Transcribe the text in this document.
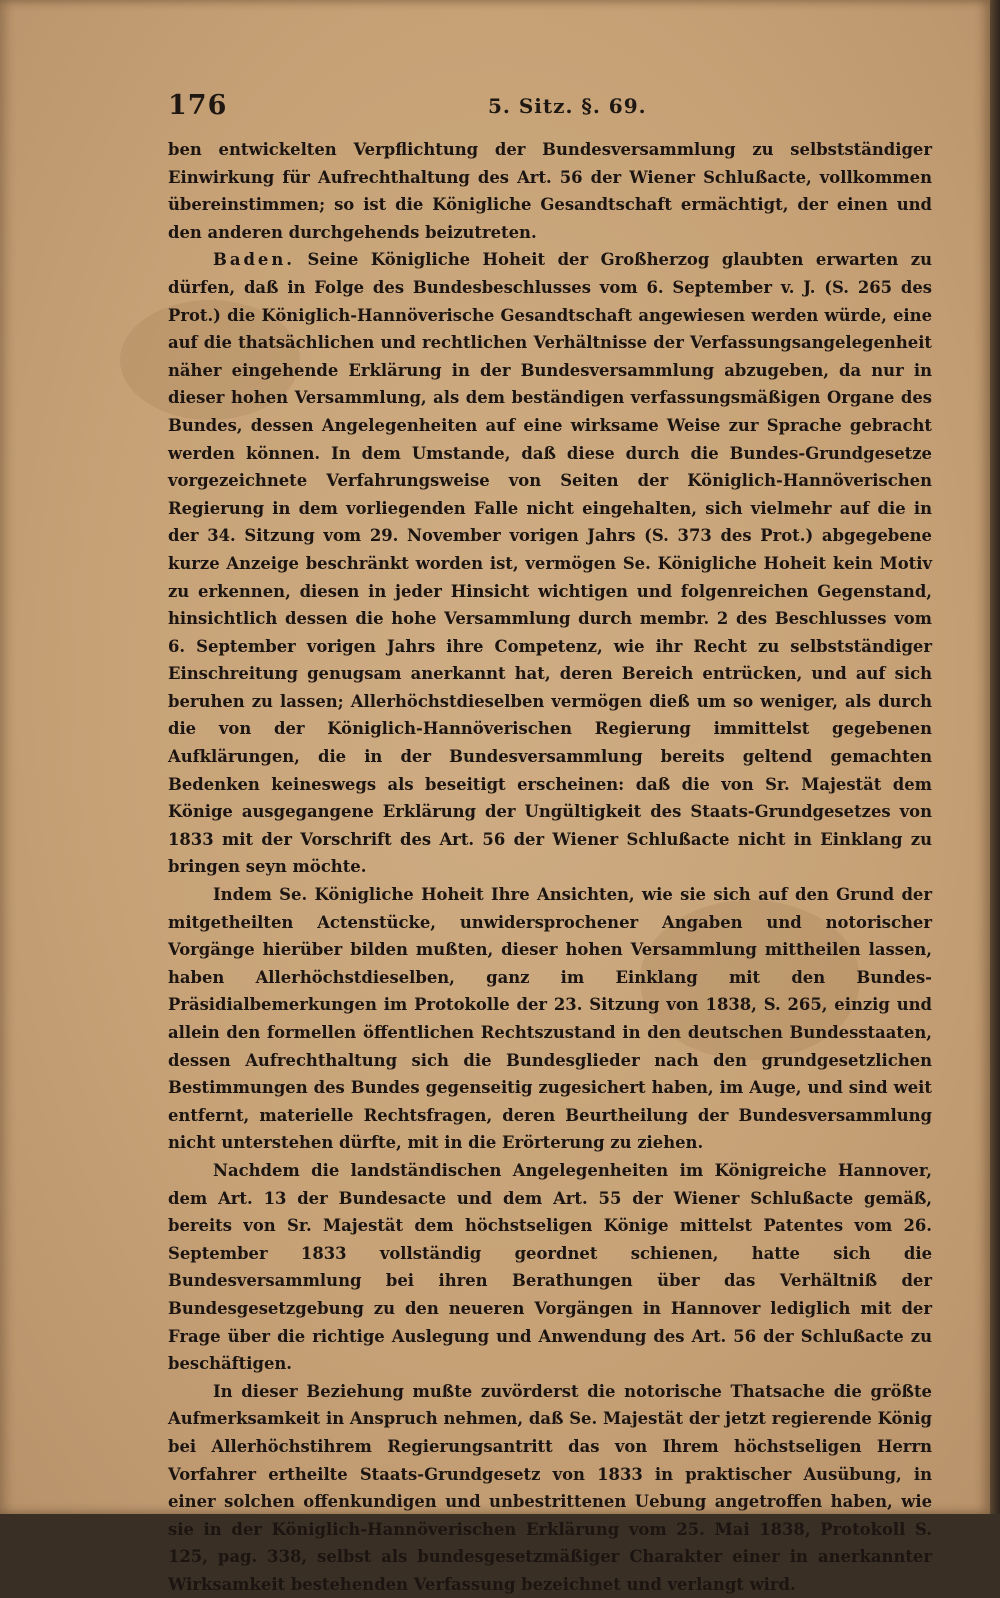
176	5. Sitz. §. 69.

ben entwickelten Verpflichtung der Bundesversammlung zu selbstständiger Einwirkung für Aufrechthaltung des Art. 56 der Wiener Schlußacte, vollkommen übereinstimmen; so ist die Königliche Gesandtschaft ermächtigt, der einen und den anderen durchgehends beizutreten.

Baden. Seine Königliche Hoheit der Großherzog glaubten erwarten zu dürfen, daß in Folge des Bundesbeschlusses vom 6. September v. J. (S. 265 des Prot.) die Königlich-Hannöverische Gesandtschaft angewiesen werden würde, eine auf die thatsächlichen und rechtlichen Verhältnisse der Verfassungsangelegenheit näher eingehende Erklärung in der Bundesversammlung abzugeben, da nur in dieser hohen Versammlung, als dem beständigen verfassungsmäßigen Organe des Bundes, dessen Angelegenheiten auf eine wirksame Weise zur Sprache gebracht werden können. In dem Umstande, daß diese durch die Bundes-Grundgesetze vorgezeichnete Verfahrungsweise von Seiten der Königlich-Hannöverischen Regierung in dem vorliegenden Falle nicht eingehalten, sich vielmehr auf die in der 34. Sitzung vom 29. November vorigen Jahrs (S. 373 des Prot.) abgegebene kurze Anzeige beschränkt worden ist, vermögen Se. Königliche Hoheit kein Motiv zu erkennen, diesen in jeder Hinsicht wichtigen und folgenreichen Gegenstand, hinsichtlich dessen die hohe Versammlung durch membr. 2 des Beschlusses vom 6. September vorigen Jahrs ihre Competenz, wie ihr Recht zu selbstständiger Einschreitung genugsam anerkannt hat, deren Bereich entrücken, und auf sich beruhen zu lassen; Allerhöchstdieselben vermögen dieß um so weniger, als durch die von der Königlich-Hannöverischen Regierung immittelst gegebenen Aufklärungen, die in der Bundesversammlung bereits geltend gemachten Bedenken keineswegs als beseitigt erscheinen: daß die von Sr. Majestät dem Könige ausgegangene Erklärung der Ungültigkeit des Staats-Grundgesetzes von 1833 mit der Vorschrift des Art. 56 der Wiener Schlußacte nicht in Einklang zu bringen seyn möchte.

Indem Se. Königliche Hoheit Ihre Ansichten, wie sie sich auf den Grund der mitgetheilten Actenstücke, unwidersprochener Angaben und notorischer Vorgänge hierüber bilden mußten, dieser hohen Versammlung mittheilen lassen, haben Allerhöchstdieselben, ganz im Einklang mit den Bundes-Präsidialbemerkungen im Protokolle der 23. Sitzung von 1838, S. 265, einzig und allein den formellen öffentlichen Rechtszustand in den deutschen Bundesstaaten, dessen Aufrechthaltung sich die Bundesglieder nach den grundgesetzlichen Bestimmungen des Bundes gegenseitig zugesichert haben, im Auge, und sind weit entfernt, materielle Rechtsfragen, deren Beurtheilung der Bundesversammlung nicht unterstehen dürfte, mit in die Erörterung zu ziehen.

Nachdem die landständischen Angelegenheiten im Königreiche Hannover, dem Art. 13 der Bundesacte und dem Art. 55 der Wiener Schlußacte gemäß, bereits von Sr. Majestät dem höchstseligen Könige mittelst Patentes vom 26. September 1833 vollständig geordnet schienen, hatte sich die Bundesversammlung bei ihren Berathungen über das Verhältniß der Bundesgesetzgebung zu den neueren Vorgängen in Hannover lediglich mit der Frage über die richtige Auslegung und Anwendung des Art. 56 der Schlußacte zu beschäftigen.

In dieser Beziehung mußte zuvörderst die notorische Thatsache die größte Aufmerksamkeit in Anspruch nehmen, daß Se. Majestät der jetzt regierende König bei Allerhöchstihrem Regierungsantritt das von Ihrem höchstseligen Herrn Vorfahrer ertheilte Staats-Grundgesetz von 1833 in praktischer Ausübung, in einer solchen offenkundigen und unbestrittenen Uebung angetroffen haben, wie sie in der Königlich-Hannöverischen Erklärung vom 25. Mai 1838, Protokoll S. 125, pag. 338, selbst als bundesgesetzmäßiger Charakter einer in anerkannter Wirksamkeit bestehenden Verfassung bezeichnet und verlangt wird.
